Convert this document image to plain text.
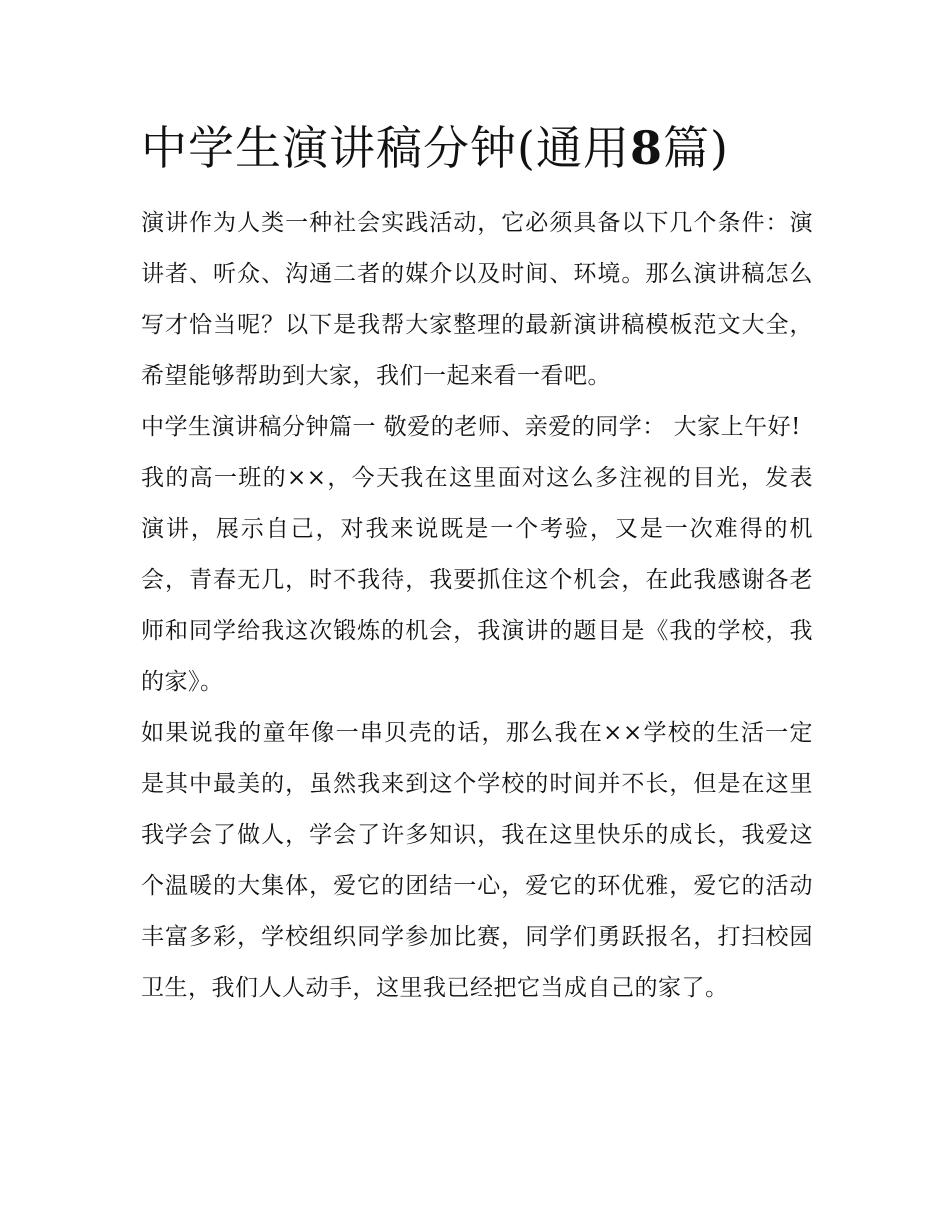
中学生演讲稿分钟(通用8篇)

演讲作为人类一种社会实践活动，它必须具备以下几个条件：演讲者、听众、沟通二者的媒介以及时间、环境。那么演讲稿怎么写才恰当呢？以下是我帮大家整理的最新演讲稿模板范文大全，希望能够帮助到大家，我们一起来看一看吧。

中学生演讲稿分钟篇一 敬爱的老师、亲爱的同学： 大家上午好!

我的高一班的××，今天我在这里面对这么多注视的目光，发表演讲，展示自己，对我来说既是一个考验，又是一次难得的机会，青春无几，时不我待，我要抓住这个机会，在此我感谢各老师和同学给我这次锻炼的机会，我演讲的题目是《我的学校，我的家》。

如果说我的童年像一串贝壳的话，那么我在××学校的生活一定是其中最美的，虽然我来到这个学校的时间并不长，但是在这里我学会了做人，学会了许多知识，我在这里快乐的成长，我爱这个温暖的大集体，爱它的团结一心，爱它的环优雅，爱它的活动丰富多彩，学校组织同学参加比赛，同学们勇跃报名，打扫校园卫生，我们人人动手，这里我已经把它当成自己的家了。
